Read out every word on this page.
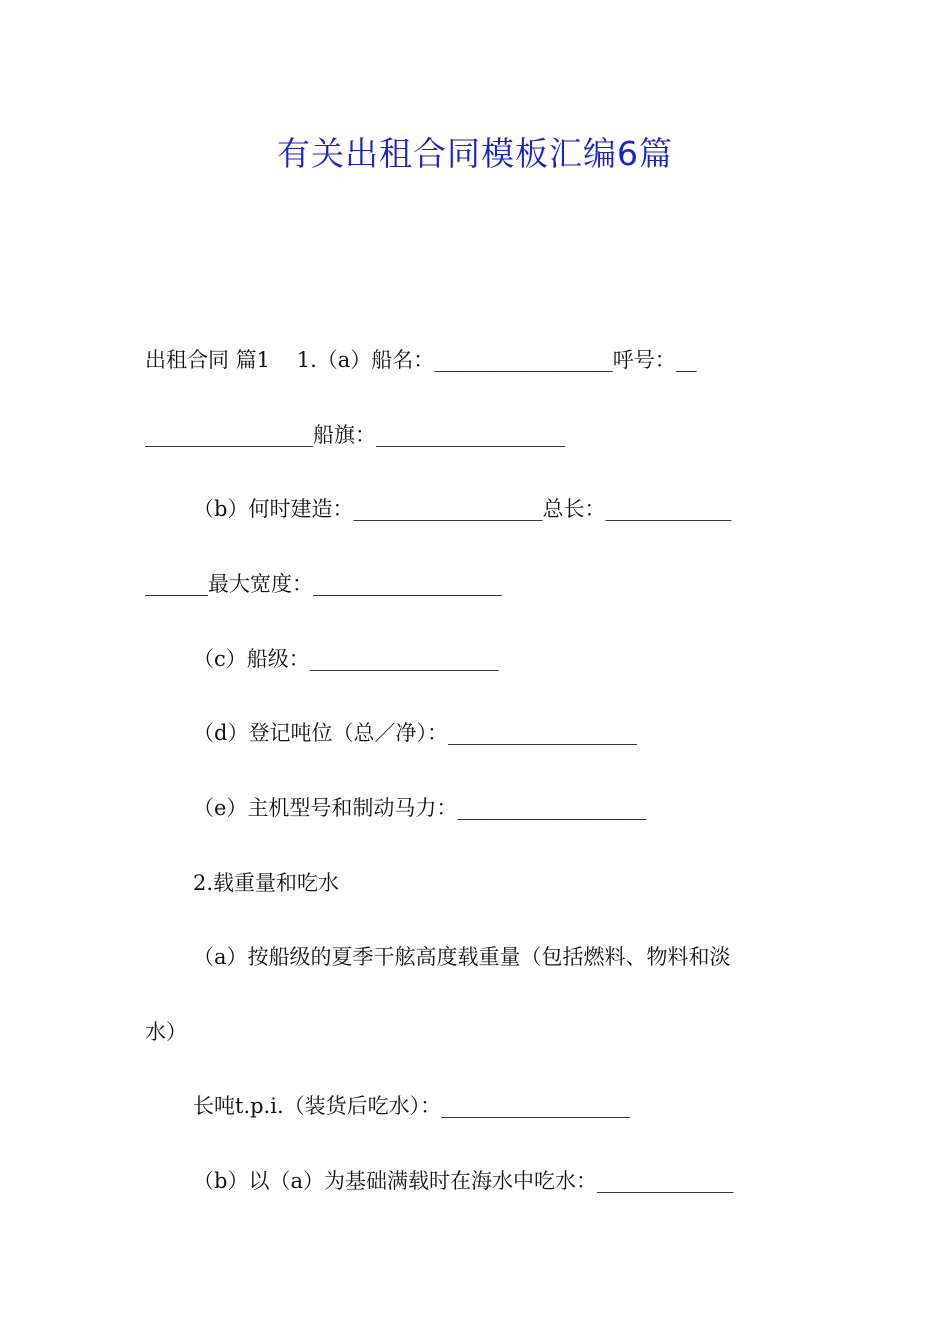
有关出租合同模板汇编6篇
出租合同 篇1    1.（a）船名：_________________呼号：__
________________船旗：__________________
（b）何时建造：__________________总长：____________
______最大宽度：__________________
（c）船级：__________________
（d）登记吨位（总／净）：__________________
（e）主机型号和制动马力：__________________
2.载重量和吃水
（a）按船级的夏季干舷高度载重量（包括燃料、物料和淡
水）
长吨t.p.i.（装货后吃水）：__________________
（b）以（a）为基础满载时在海水中吃水：_____________
